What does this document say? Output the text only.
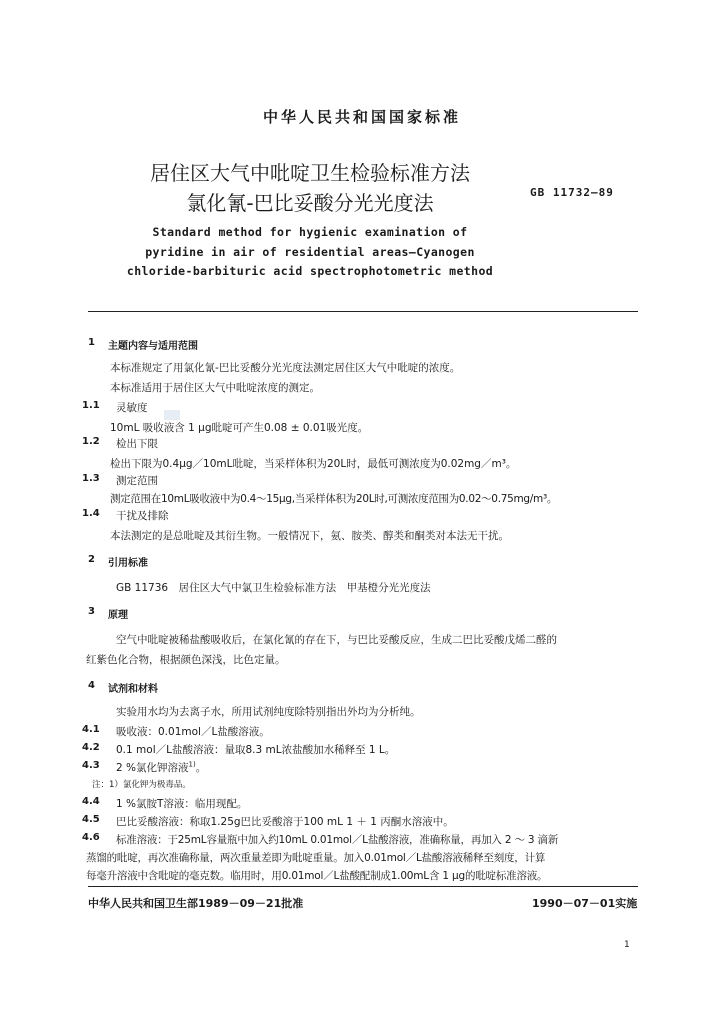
中华人民共和国国家标准
居住区大气中吡啶卫生检验标准方法
氯化氰-巴比妥酸分光光度法	GB 11732—89
Standard method for hygienic examination of
pyridine in air of residential areas—Cyanogen
chloride-barbituric acid spectrophotometric method
1 主题内容与适用范围
本标准规定了用氯化氰-巴比妥酸分光光度法测定居住区大气中吡啶的浓度。
本标准适用于居住区大气中吡啶浓度的测定。
1.1 灵敏度
10mL 吸收液含 1 μg吡啶可产生0.08 ± 0.01吸光度。
1.2 检出下限
检出下限为0.4μg／10mL吡啶，当采样体积为20L时，最低可测浓度为0.02mg／m³。
1.3 测定范围
测定范围在10mL吸收液中为0.4～15μg,当采样体积为20L时,可测浓度范围为0.02～0.75mg/m³。
1.4 干扰及排除
本法测定的是总吡啶及其衍生物。一般情况下，氨、胺类、醇类和酮类对本法无干扰。
2 引用标准
GB 11736　居住区大气中氯卫生检验标准方法　甲基橙分光光度法
3 原理
空气中吡啶被稀盐酸吸收后，在氯化氰的存在下，与巴比妥酸反应，生成二巴比妥酸戊烯二醛的
红紫色化合物，根据颜色深浅，比色定量。
4 试剂和材料
实验用水均为去离子水，所用试剂纯度除特别指出外均为分析纯。
4.1 吸收液：0.01mol／L盐酸溶液。
4.2 0.1 mol／L盐酸溶液：量取8.3 mL浓盐酸加水稀释至 1 L。
4.3 2 %氯化钾溶液$^{1)}$。
注：1）氯化钾为极毒品。
4.4 1 %氯胺T溶液：临用现配。
4.5 巴比妥酸溶液：称取1.25g巴比妥酸溶于100 mL 1 ＋ 1 丙酮水溶液中。
4.6 标准溶液：于25mL容量瓶中加入约10mL 0.01mol／L盐酸溶液，准确称量，再加入 2 ～ 3 滴新
蒸馏的吡啶，再次准确称量，两次重量差即为吡啶重量。加入0.01mol／L盐酸溶液稀释至刻度，计算
每毫升溶液中含吡啶的毫克数。临用时，用0.01mol／L盐酸配制成1.00mL含 1 μg的吡啶标准溶液。
中华人民共和国卫生部1989－09－21批准	1990－07－01实施
1
